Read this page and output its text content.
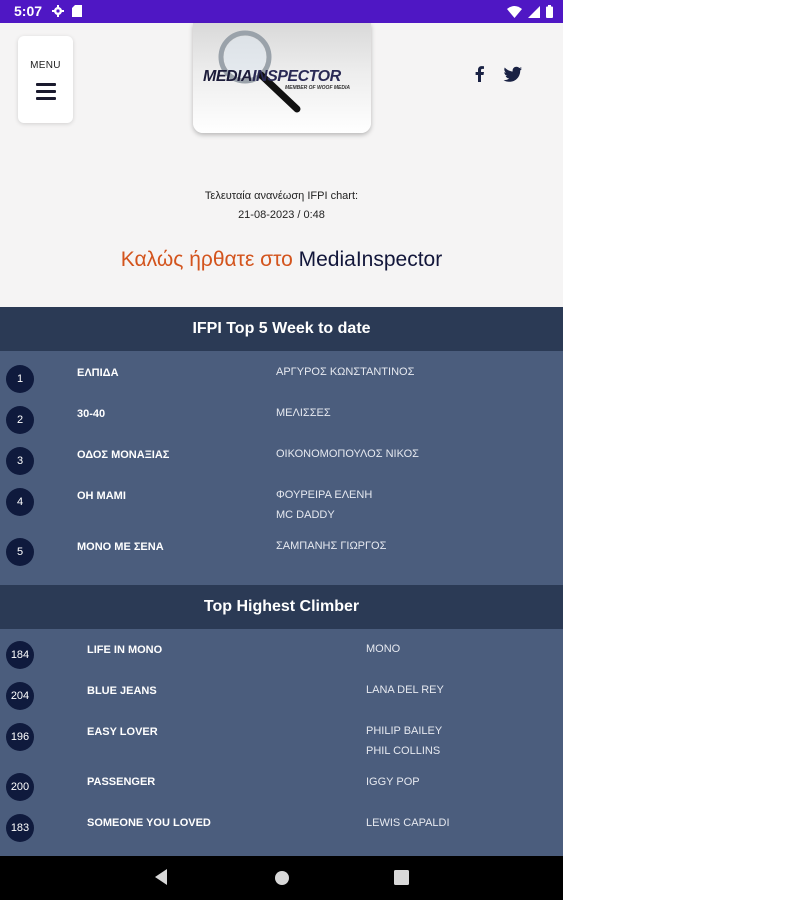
5:07
MENU
MEDIAINSPECTOR
MEMBER OF WOOF MEDIA
Τελευταία ανανέωση IFPI chart:
21-08-2023 / 0:48
Καλώς ήρθατε στο MediaInspector
IFPI Top 5 Week to date
1	ΕΛΠΙΔΑ	ΑΡΓΥΡΟΣ ΚΩΝΣΤΑΝΤΙΝΟΣ
2	30-40	ΜΕΛΙΣΣΕΣ
3	ΟΔΟΣ ΜΟΝΑΞΙΑΣ	ΟΙΚΟΝΟΜΟΠΟΥΛΟΣ ΝΙΚΟΣ
4	OH MAMI	ΦΟΥΡΕΙΡΑ ΕΛΕΝΗ
MC DADDY
5	ΜΟΝΟ ΜΕ ΣΕΝΑ	ΣΑΜΠΑΝΗΣ ΓΙΩΡΓΟΣ
Top Highest Climber
184	LIFE IN MONO	MONO
204	BLUE JEANS	LANA DEL REY
196	EASY LOVER	PHILIP BAILEY
PHIL COLLINS
200	PASSENGER	IGGY POP
183	SOMEONE YOU LOVED	LEWIS CAPALDI
